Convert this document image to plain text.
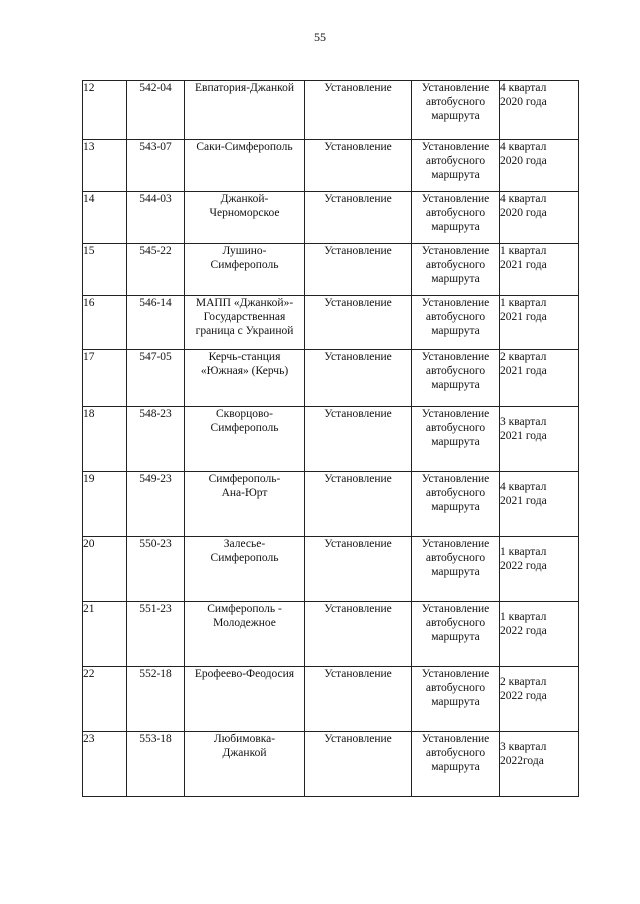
55
12	542-04	Евпатория-Джанкой	Установление	Установление
автобусного
маршрута	4 квартал
2020 года

13	543-07	Саки-Симферополь	Установление	Установление
автобусного
маршрута	4 квартал
2020 года

14	544-03	Джанкой-
Черноморское	Установление	Установление
автобусного
маршрута	4 квартал
2020 года

15	545-22	Лушино-
Симферополь	Установление	Установление
автобусного
маршрута	1 квартал
2021 года

16	546-14	МАПП «Джанкой»-
Государственная
граница с Украиной	Установление	Установление
автобусного
маршрута	1 квартал
2021 года

17	547-05	Керчь-станция
«Южная» (Керчь)	Установление	Установление
автобусного
маршрута	2 квартал
2021 года

18	548-23	Скворцово-
Симферополь	Установление	Установление
автобусного
маршрута	3 квартал
2021 года

19	549-23	Симферополь-
Ана-Юрт	Установление	Установление
автобусного
маршрута	4 квартал
2021 года

20	550-23	Залесье-
Симферополь	Установление	Установление
автобусного
маршрута	1 квартал
2022 года

21	551-23	Симферополь -
Молодежное	Установление	Установление
автобусного
маршрута	1 квартал
2022 года

22	552-18	Ерофеево-Феодосия	Установление	Установление
автобусного
маршрута	2 квартал
2022 года

23	553-18	Любимовка-
Джанкой	Установление	Установление
автобусного
маршрута	3 квартал
2022года
